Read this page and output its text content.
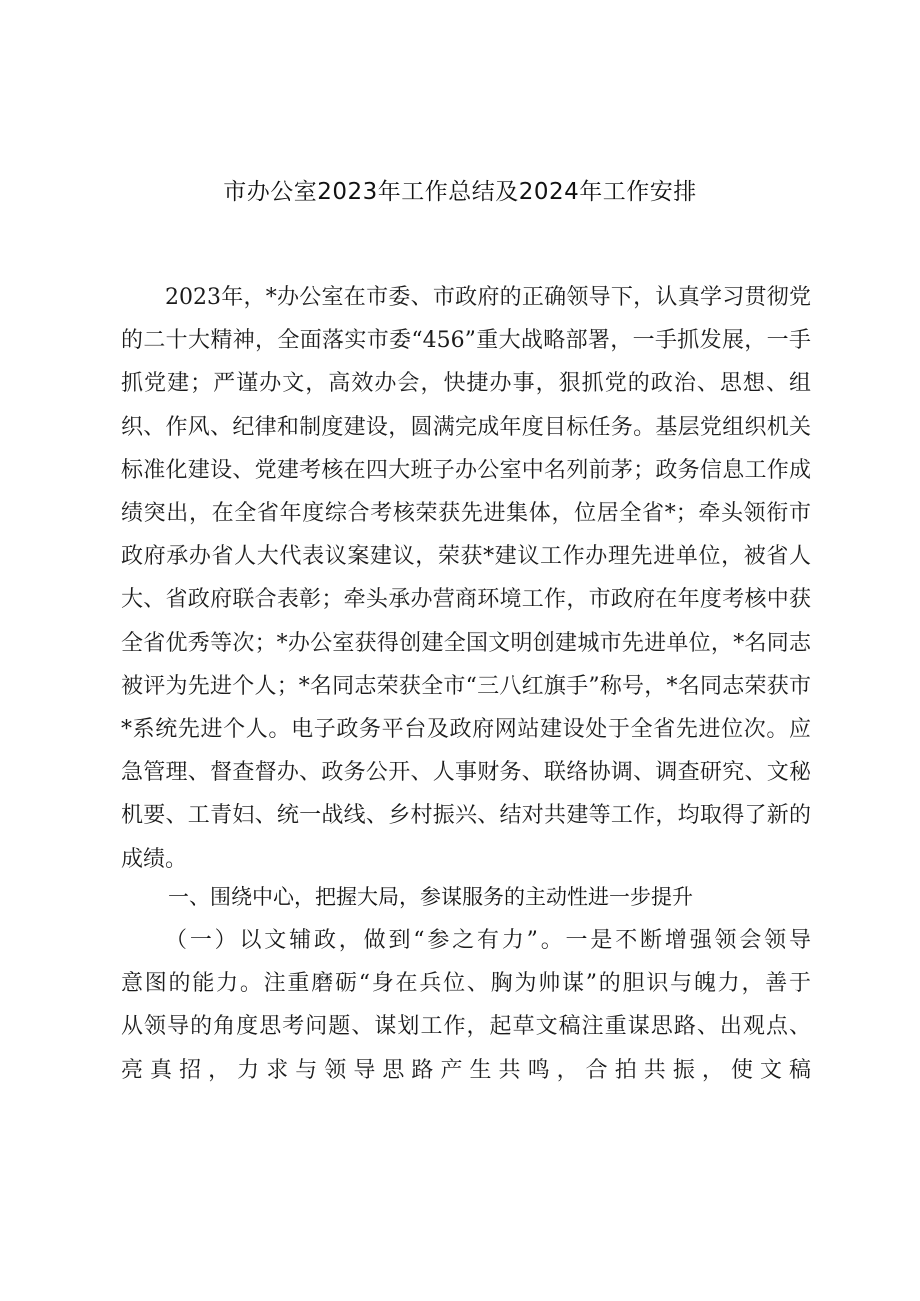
市办公室2023年工作总结及2024年工作安排
2023年，*办公室在市委、市政府的正确领导下，认真学习贯彻党的二十大精神，全面落实市委“456”重大战略部署，一手抓发展，一手抓党建；严谨办文，高效办会，快捷办事，狠抓党的政治、思想、组织、作风、纪律和制度建设，圆满完成年度目标任务。基层党组织机关标准化建设、党建考核在四大班子办公室中名列前茅；政务信息工作成绩突出，在全省年度综合考核荣获先进集体，位居全省*；牵头领衔市政府承办省人大代表议案建议，荣获*建议工作办理先进单位，被省人大、省政府联合表彰；牵头承办营商环境工作，市政府在年度考核中获全省优秀等次；*办公室获得创建全国文明创建城市先进单位，*名同志被评为先进个人；*名同志荣获全市“三八红旗手”称号，*名同志荣获市*系统先进个人。电子政务平台及政府网站建设处于全省先进位次。应急管理、督查督办、政务公开、人事财务、联络协调、调查研究、文秘机要、工青妇、统一战线、乡村振兴、结对共建等工作，均取得了新的成绩。
一、围绕中心，把握大局，参谋服务的主动性进一步提升
（一）以文辅政，做到“参之有力”。一是不断增强领会领导
意图的能力。注重磨砺“身在兵位、胸为帅谋”的胆识与魄力，善于
从领导的角度思考问题、谋划工作，起草文稿注重谋思路、出观点、
亮真招，力求与领导思路产生共鸣，合拍共振，使文稿
